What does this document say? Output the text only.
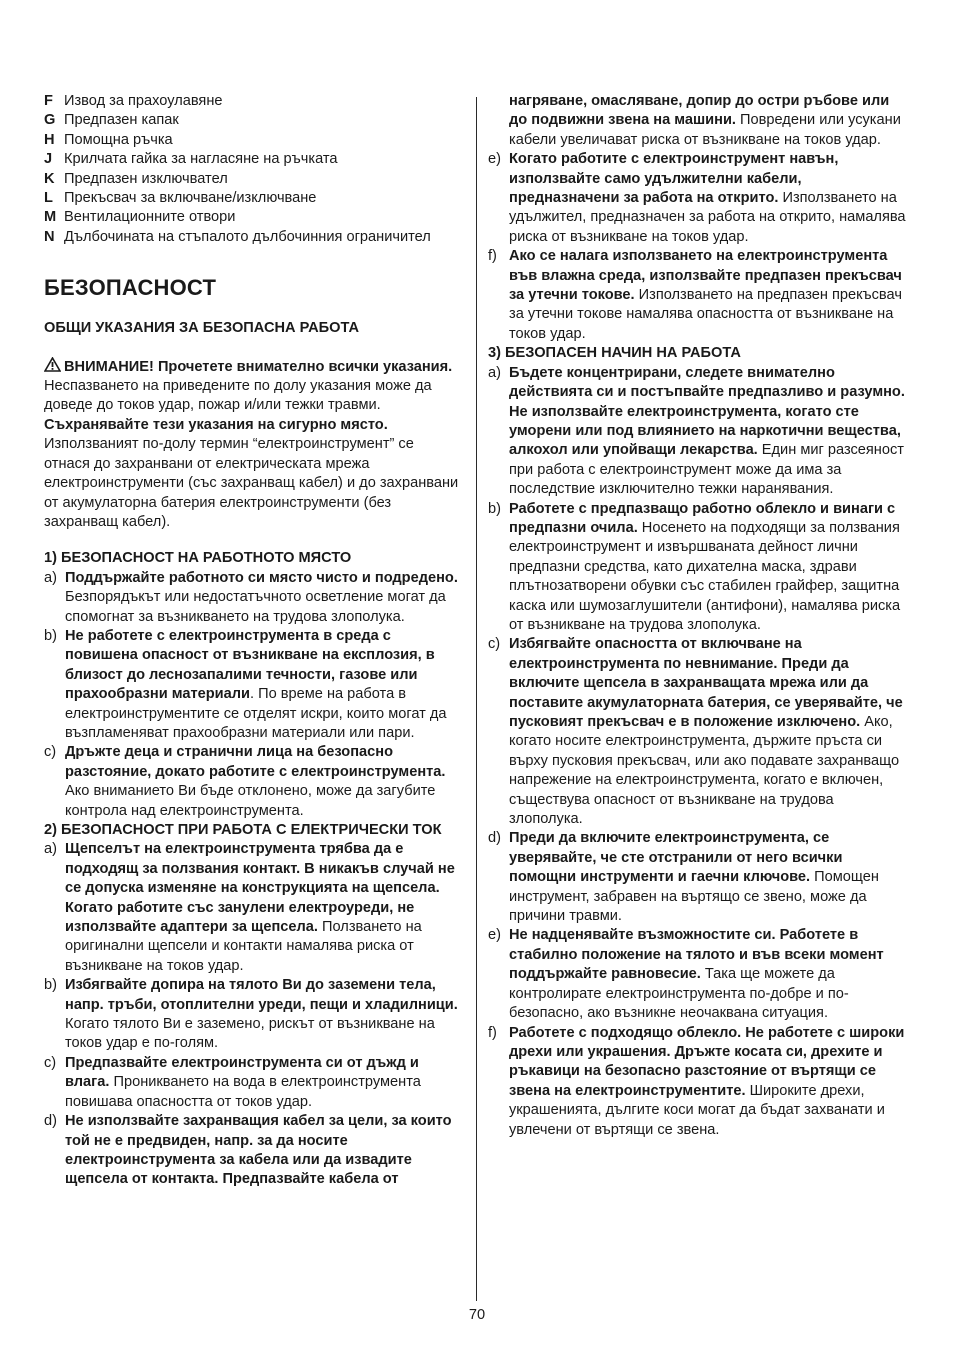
F Извод за прахоулавяне
G Предпазен капак
H Помощна ръчка
J Крилчата гайка за нагласяне на ръчката
K Предпазен изключвател
L Прекъсвач за включване/изключване
M Вентилационните отвори
N Дълбочината на стъпалото дълбочинния ограничител
БЕЗОПАСНОСТ
ОБЩИ УКАЗАНИЯ ЗА БЕЗОПАСНА РАБОТА

ВНИМАНИЕ! Прочетете внимателно всички указания. Неспазването на приведените по долу указания може да доведе до токов удар, пожар и/или тежки травми. Съхранявайте тези указания на сигурно място. Използваният по-долу термин “електроинструмент” се отнася до захранвани от електрическата мрежа електроинструменти (със захранващ кабел) и до захранвани от акумулаторна батерия електроинструменти (без захранващ кабел).

1) БЕЗОПАСНОСТ НА РАБОТНОТО МЯСТО
a) Поддържайте работното си място чисто и подредено. Безпорядъкът или недостатъчното осветление могат да спомогнат за възникването на трудова злополука.
b) Не работете с електроинструмента в среда с повишена опасност от възникване на експлозия, в близост до леснозапалими течности, газове или прахообразни материали. По време на работа в електроинструментите се отделят искри, които могат да възпламеняват прахообразни материали или пари.
c) Дръжте деца и странични лица на безопасно разстояние, докато работите с електроинструмента. Ако вниманието Ви бъде отклонено, може да загубите контрола над електроинструмента.
2) БЕЗОПАСНОСТ ПРИ РАБОТА С ЕЛЕКТРИЧЕСКИ ТОК
a) Щепселът на електроинструмента трябва да е подходящ за ползвания контакт. В никакъв случай не се допуска изменяне на конструкцията на щепсела. Когато работите със занулени електроуреди, не използвайте адаптери за щепсела. Ползването на оригинални щепсели и контакти намалява риска от възникване на токов удар.
b) Избягвайте допира на тялото Ви до заземени тела, напр. тръби, отоплителни уреди, пещи и хладилници. Когато тялото Ви е заземено, рискът от възникване на токов удар е по-голям.
c) Предпазвайте електроинструмента си от дъжд и влага. Проникването на вода в електроинструмента повишава опасността от токов удар.
d) Не използвайте захранващия кабел за цели, за които той не е предвиден, напр. за да носите електроинструмента за кабела или да извадите щепсела от контакта. Предпазвайте кабела от
нагряване, омасляване, допир до остри ръбове или до подвижни звена на машини. Повредени или усукани кабели увеличават риска от възникване на токов удар.
e) Когато работите с електроинструмент навън, използвайте само удължителни кабели, предназначени за работа на открито. Използването на удължител, предназначен за работа на открито, намалява риска от възникване на токов удар.
f) Ако се налага използването на електроинструмента във влажна среда, използвайте предпазен прекъсвач за утечни токове. Използването на предпазен прекъсвач за утечни токове намалява опасността от възникване на токов удар.
3) БЕЗОПАСЕН НАЧИН НА РАБОТА
a) Бъдете концентрирани, следете внимателно действията си и постъпвайте предпазливо и разумно. Не използвайте електроинструмента, когато сте уморени или под влиянието на наркотични вещества, алкохол или упойващи лекарства. Един миг разсеяност при работа с електроинструмент може да има за последствие изключително тежки наранявания.
b) Работете с предпазващо работно облекло и винаги с предпазни очила. Носенето на подходящи за ползвания електроинструмент и извършваната дейност лични предпазни средства, като дихателна маска, здрави плътнозатворени обувки със стабилен грайфер, защитна каска или шумозаглушители (антифони), намалява риска от възникване на трудова злополука.
c) Избягвайте опасността от включване на електроинструмента по невнимание. Преди да включите щепсела в захранващата мрежа или да поставите акумулаторната батерия, се уверявайте, че пусковият прекъсвач е в положение изключено. Ако, когато носите електроинструмента, държите пръста си върху пусковия прекъсвач, или ако подавате захранващо напрежение на електроинструмента, когато е включен, съществува опасност от възникване на трудова злополука.
d) Преди да включите електроинструмента, се уверявайте, че сте отстранили от него всички помощни инструменти и гаечни ключове. Помощен инструмент, забравен на въртящо се звено, може да причини травми.
e) Не надценявайте възможностите си. Работете в стабилно положение на тялото и във всеки момент поддържайте равновесие. Така ще можете да контролирате електроинструмента по-добре и по-безопасно, ако възникне неочаквана ситуация.
f) Работете с подходящо облекло. Не работете с широки дрехи или украшения. Дръжте косата си, дрехите и ръкавици на безопасно разстояние от въртящи се звена на електроинструментите. Широките дрехи, украшенията, дългите коси могат да бъдат захванати и увлечени от въртящи се звена.
70
